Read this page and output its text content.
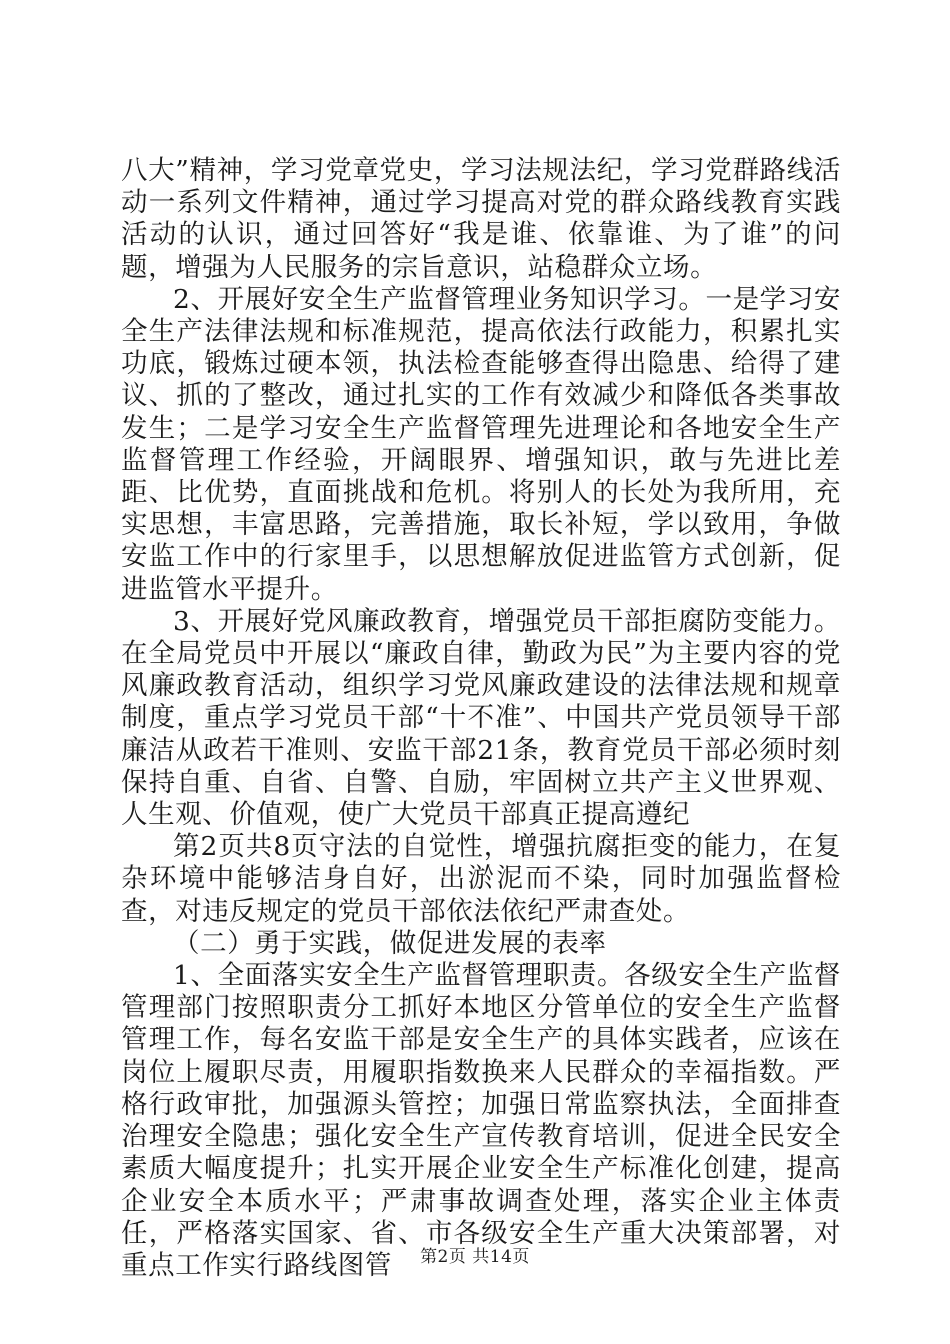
八大”精神，学习党章党史，学习法规法纪，学习党群路线活动一系列文件精神，通过学习提高对党的群众路线教育实践活动的认识，通过回答好“我是谁、依靠谁、为了谁”的问题，增强为人民服务的宗旨意识，站稳群众立场。

2、开展好安全生产监督管理业务知识学习。一是学习安全生产法律法规和标准规范，提高依法行政能力，积累扎实功底，锻炼过硬本领，执法检查能够查得出隐患、给得了建议、抓的了整改，通过扎实的工作有效减少和降低各类事故发生；二是学习安全生产监督管理先进理论和各地安全生产监督管理工作经验，开阔眼界、增强知识，敢与先进比差距、比优势，直面挑战和危机。将别人的长处为我所用，充实思想，丰富思路，完善措施，取长补短，学以致用，争做安监工作中的行家里手，以思想解放促进监管方式创新，促进监管水平提升。

3、开展好党风廉政教育，增强党员干部拒腐防变能力。在全局党员中开展以“廉政自律，勤政为民”为主要内容的党风廉政教育活动，组织学习党风廉政建设的法律法规和规章制度，重点学习党员干部“十不准”、中国共产党员领导干部廉洁从政若干准则、安监干部21条，教育党员干部必须时刻保持自重、自省、自警、自励，牢固树立共产主义世界观、人生观、价值观，使广大党员干部真正提高遵纪

第2页共8页守法的自觉性，增强抗腐拒变的能力，在复杂环境中能够洁身自好，出淤泥而不染，同时加强监督检查，对违反规定的党员干部依法依纪严肃查处。

（二）勇于实践，做促进发展的表率

1、全面落实安全生产监督管理职责。各级安全生产监督管理部门按照职责分工抓好本地区分管单位的安全生产监督管理工作，每名安监干部是安全生产的具体实践者，应该在岗位上履职尽责，用履职指数换来人民群众的幸福指数。严格行政审批，加强源头管控；加强日常监察执法，全面排查治理安全隐患；强化安全生产宣传教育培训，促进全民安全素质大幅度提升；扎实开展企业安全生产标准化创建，提高企业安全本质水平；严肃事故调查处理，落实企业主体责任，严格落实国家、省、市各级安全生产重大决策部署，对重点工作实行路线图管	第2页 共14页
